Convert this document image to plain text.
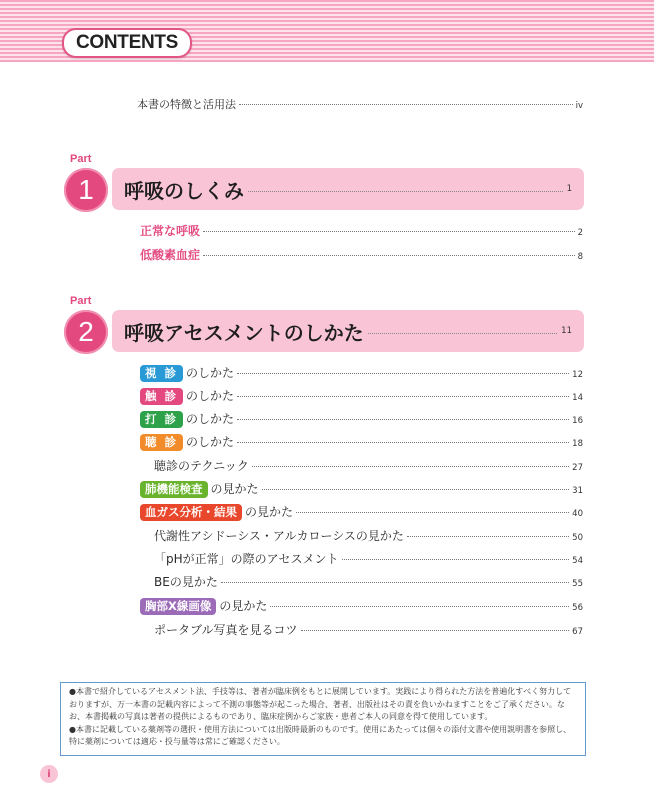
CONTENTS
本書の特徴と活用法	iv
Part
1	呼吸のしくみ	1
正常な呼吸	2
低酸素血症	8
Part
2	呼吸アセスメントのしかた	11
視 診 のしかた	12
触 診 のしかた	14
打 診 のしかた	16
聴 診 のしかた	18
聴診のテクニック	27
肺機能検査 の見かた	31
血ガス分析・結果 の見かた	40
代謝性アシドーシス・アルカローシスの見かた	50
「pHが正常」の際のアセスメント	54
BEの見かた	55
胸部X線画像 の見かた	56
ポータブル写真を見るコツ	67

●本書で紹介しているアセスメント法、手技等は、著者が臨床例をもとに展開しています。実践により得られた方法を普遍化すべく努力しておりますが、万一本書の記載内容によって不測の事態等が起こった場合、著者、出版社はその責を負いかねますことをご了承ください。なお、本書掲載の写真は著者の提供によるものであり、臨床症例からご家族・患者ご本人の同意を得て使用しています。

●本書に記載している薬剤等の選択・使用方法については出版時最新のものです。使用にあたっては個々の添付文書や使用説明書を参照し、特に薬剤については適応・投与量等は常にご確認ください。

i
